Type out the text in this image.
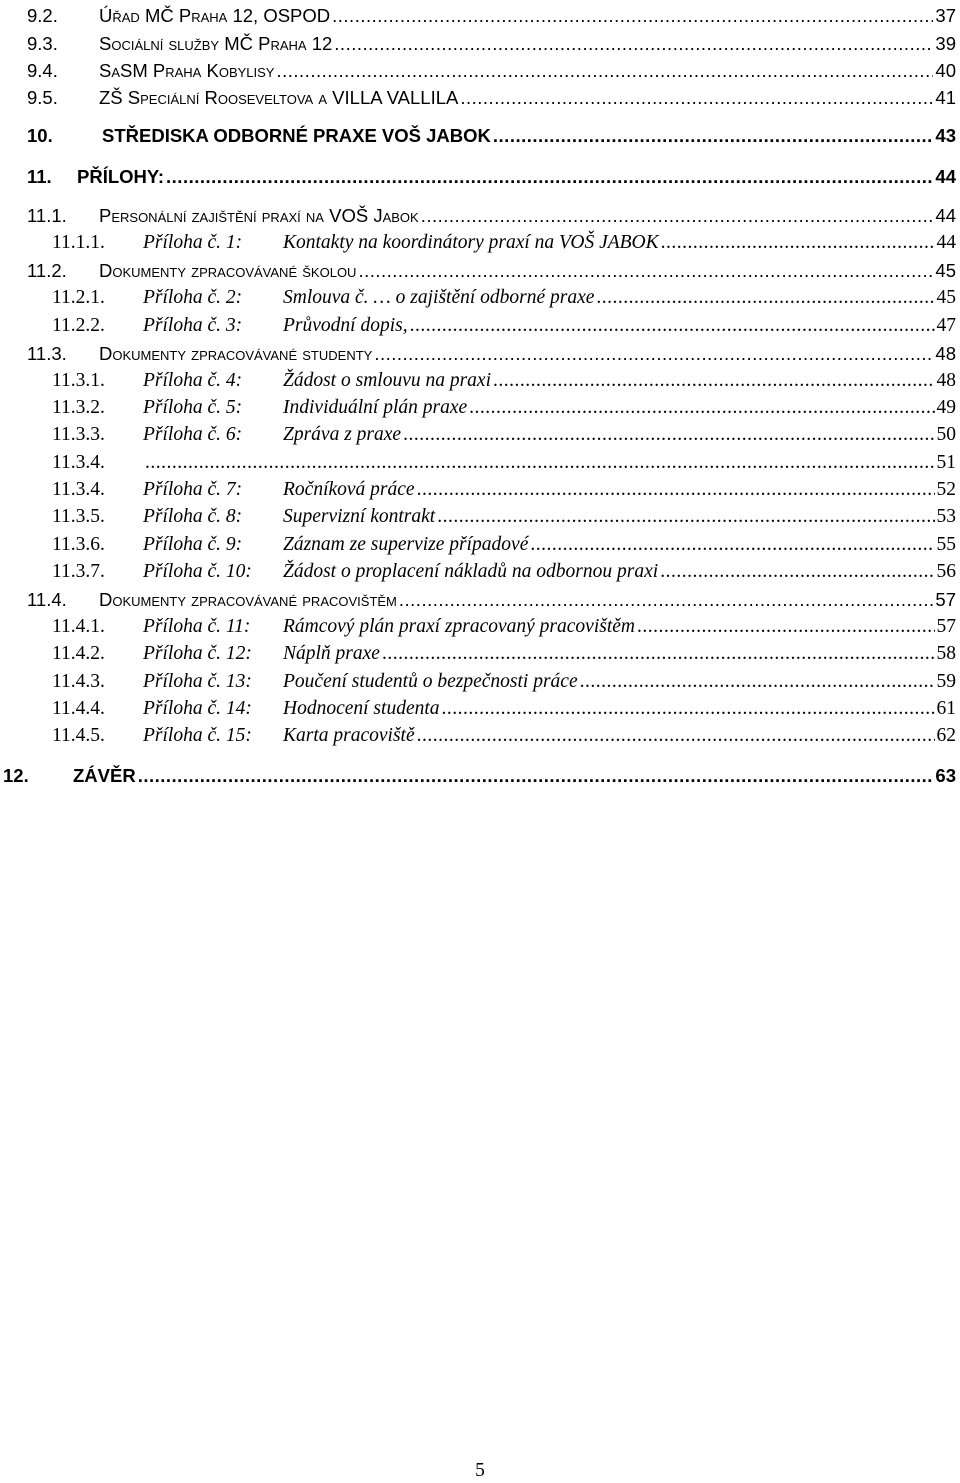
9.2.	Úřad MČ Praha 12, OSPOD .....	37
9.3.	Sociální služby MČ Praha 12 .....	39
9.4.	SaSM Praha Kobylisy .....	40
9.5.	ZŠ Speciální Rooseveltova a VILLA VALLILA .....	41
10.	STŘEDISKA ODBORNÉ PRAXE VOŠ JABOK .....	43
11.	PŘÍLOHY: .....	44
11.1.	Personální zajištění praxí na VOŠ Jabok .....	44
11.1.1.	Příloha č. 1:	Kontakty na koordinátory praxí na VOŠ JABOK .....	44
11.2.	Dokumenty zpracovávané školou .....	45
11.2.1.	Příloha č. 2:	Smlouva č. … o zajištění odborné praxe .....	45
11.2.2.	Příloha č. 3:	Průvodní dopis, .....	47
11.3.	Dokumenty zpracovávané studenty .....	48
11.3.1.	Příloha č. 4:	Žádost o smlouvu na praxi .....	48
11.3.2.	Příloha č. 5:	Individuální plán praxe .....	49
11.3.3.	Příloha č. 6:	Zpráva z praxe .....	50
11.3.4. .....	51
11.3.4.	Příloha č. 7:	Ročníková práce .....	52
11.3.5.	Příloha č. 8:	Supervizní kontrakt .....	53
11.3.6.	Příloha č. 9:	Záznam ze supervize případové .....	55
11.3.7.	Příloha č. 10:	Žádost o proplacení nákladů na odbornou praxi .....	56
11.4.	Dokumenty zpracovávané pracovištěm .....	57
11.4.1.	Příloha č. 11:	Rámcový plán praxí zpracovaný pracovištěm .....	57
11.4.2.	Příloha č. 12:	Náplň praxe .....	58
11.4.3.	Příloha č. 13:	Poučení studentů o bezpečnosti práce .....	59
11.4.4.	Příloha č. 14:	Hodnocení studenta .....	61
11.4.5.	Příloha č. 15:	Karta pracoviště .....	62
12.	ZÁVĚR .....	63
5
